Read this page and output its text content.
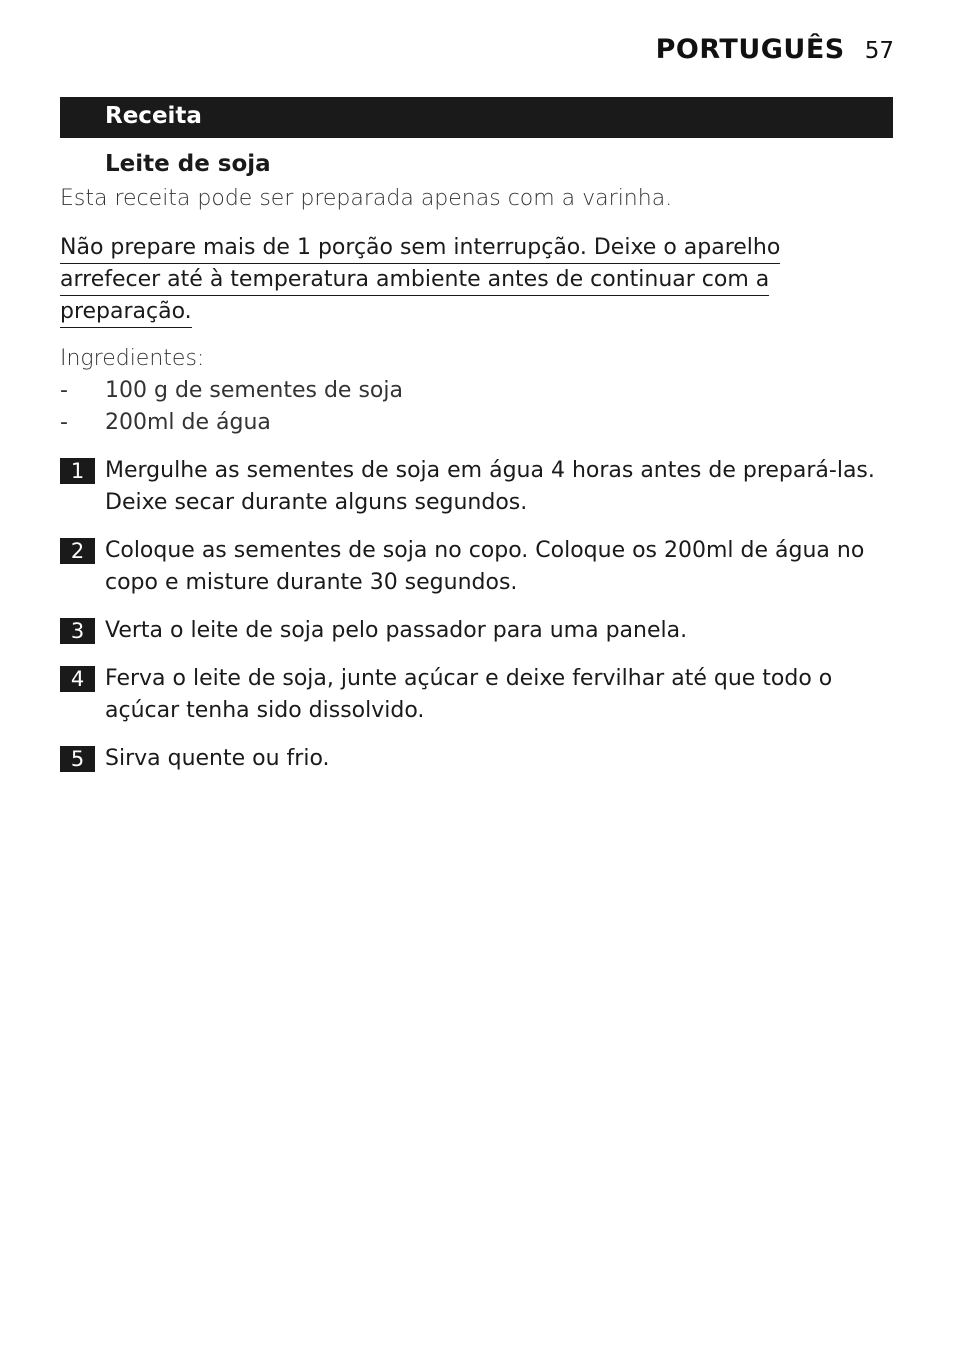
PORTUGUÊS 57
Receita
Leite de soja
Esta receita pode ser preparada apenas com a varinha.
Não prepare mais de 1 porção sem interrupção. Deixe o aparelho
arrefecer até à temperatura ambiente antes de continuar com a
preparação.
Ingredientes:
-	100 g de sementes de soja
-	200ml de água
1 Mergulhe as sementes de soja em água 4 horas antes de prepará-las. Deixe secar durante alguns segundos.
2 Coloque as sementes de soja no copo. Coloque os 200ml de água no copo e misture durante 30 segundos.
3 Verta o leite de soja pelo passador para uma panela.
4 Ferva o leite de soja, junte açúcar e deixe fervilhar até que todo o açúcar tenha sido dissolvido.
5 Sirva quente ou frio.
